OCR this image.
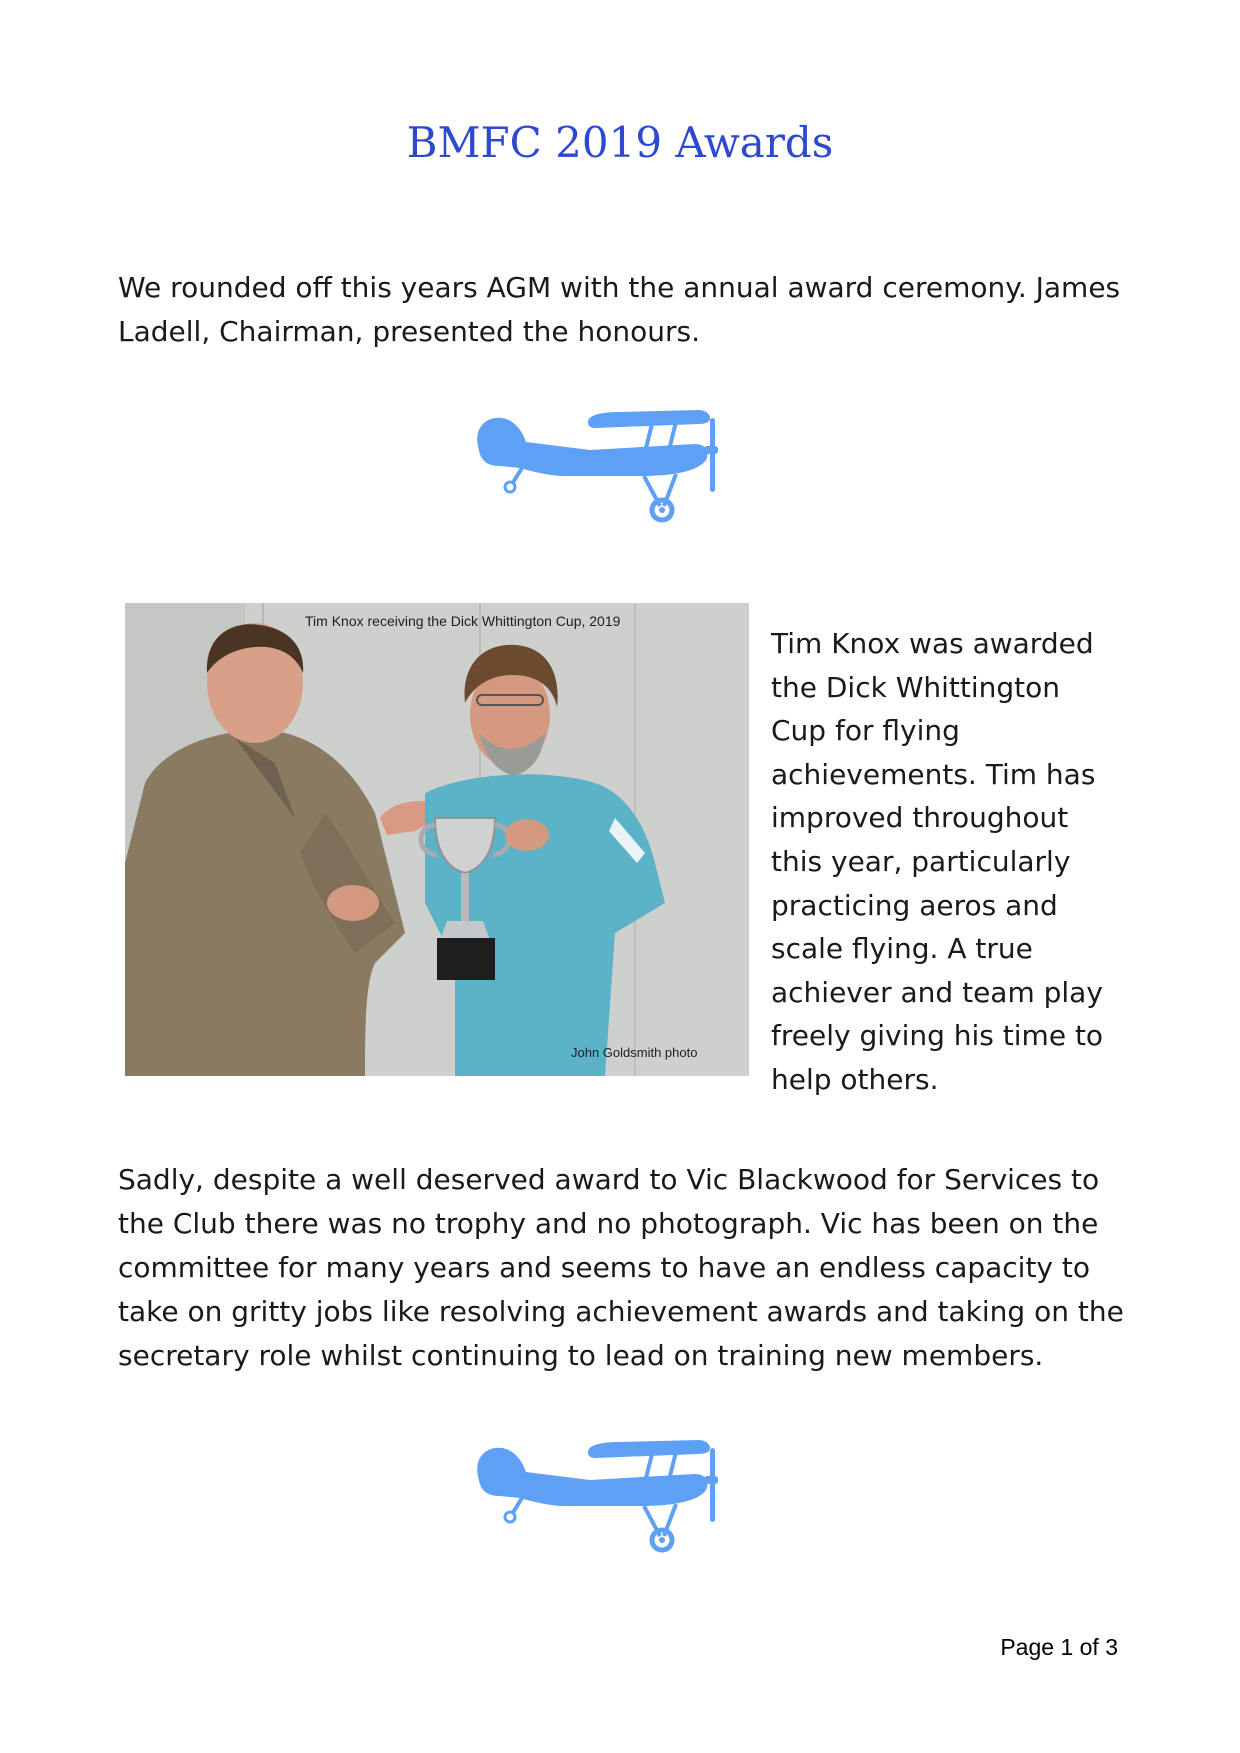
BMFC 2019 Awards

We rounded off this years AGM with the annual award ceremony. James Ladell, Chairman, presented the honours.

Tim Knox receiving the Dick Whittington Cup, 2019
John Goldsmith photo

Tim Knox was awarded the Dick Whittington Cup for flying achievements. Tim has improved throughout this year, particularly practicing aeros and scale flying. A true achiever and team play freely giving his time to help others.

Sadly, despite a well deserved award to Vic Blackwood for Services to the Club there was no trophy and no photograph. Vic has been on the committee for many years and seems to have an endless capacity to take on gritty jobs like resolving achievement awards and taking on the secretary role whilst continuing to lead on training new members.

Page 1 of 3
